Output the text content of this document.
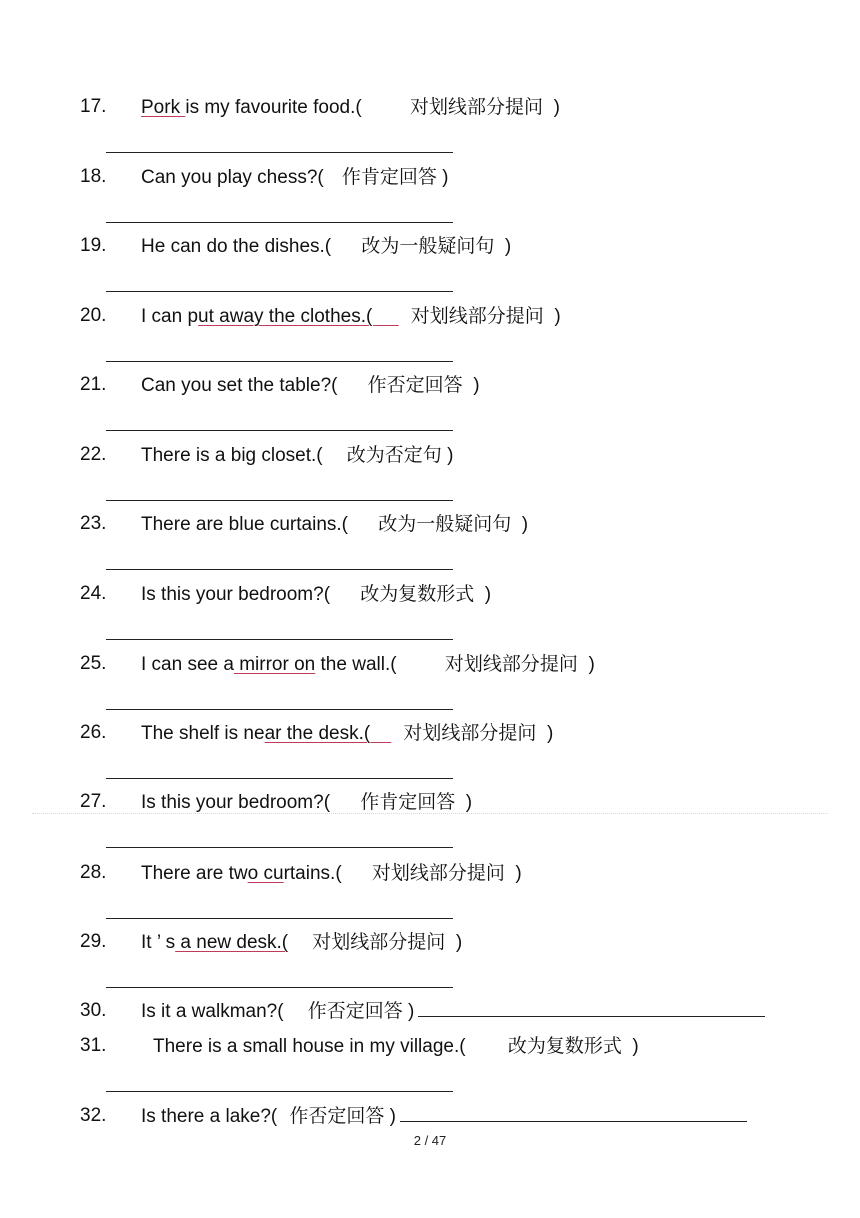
17. Pork is my favourite food.(        对划线部分提问  )
18. Can you play chess?(   作肯定回答 )
19. He can do the dishes.(     改为一般疑问句  )
20. I can put away the clothes.(       对划线部分提问  )
21. Can you set the table?(     作否定回答  )
22. There is a big closet.(    改为否定句 )
23. There are blue curtains.(     改为一般疑问句  )
24. Is this your bedroom?(     改为复数形式  )
25. I can see a mirror on the wall.(        对划线部分提问  )
26. The shelf is near the desk.(      对划线部分提问  )
27. Is this your bedroom?(     作肯定回答  )
28. There are two curtains.(     对划线部分提问  )
29. It ’ s a new desk.(    对划线部分提问  )
30. Is it a walkman?(    作否定回答 )
31. There is a small house in my village.(       改为复数形式  )
32. Is there a lake?(  作否定回答 )
2 / 47
